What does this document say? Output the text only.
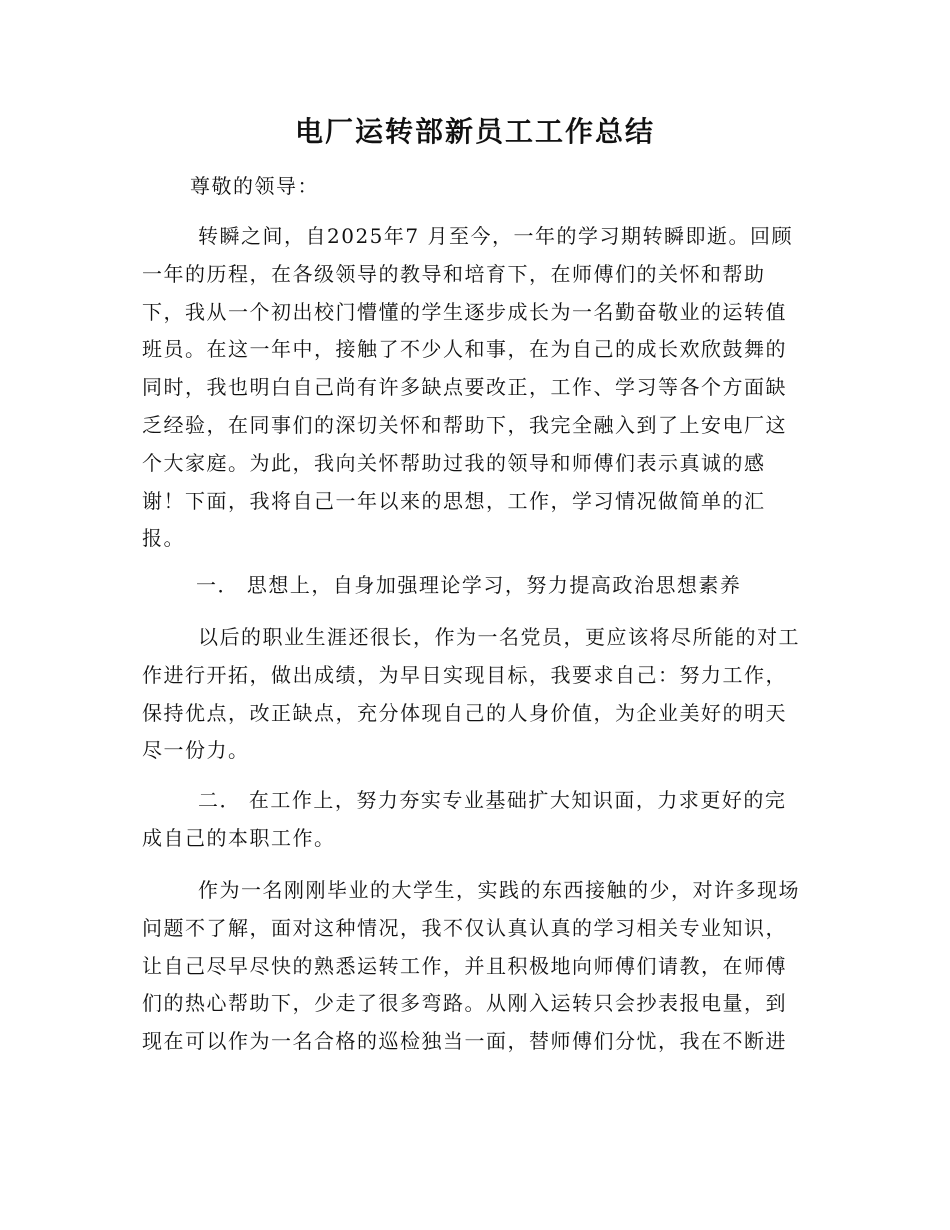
电厂运转部新员工工作总结

尊敬的领导：

转瞬之间，自2025年7 月至今，一年的学习期转瞬即逝。回顾
一年的历程，在各级领导的教导和培育下，在师傅们的关怀和帮助
下，我从一个初出校门懵懂的学生逐步成长为一名勤奋敬业的运转值
班员。在这一年中，接触了不少人和事，在为自己的成长欢欣鼓舞的
同时，我也明白自己尚有许多缺点要改正，工作、学习等各个方面缺
乏经验，在同事们的深切关怀和帮助下，我完全融入到了上安电厂这
个大家庭。为此，我向关怀帮助过我的领导和师傅们表示真诚的感
谢！下面，我将自己一年以来的思想，工作，学习情况做简单的汇
报。

一． 思想上，自身加强理论学习，努力提高政治思想素养

以后的职业生涯还很长，作为一名党员，更应该将尽所能的对工
作进行开拓，做出成绩，为早日实现目标，我要求自己：努力工作，
保持优点，改正缺点，充分体现自己的人身价值，为企业美好的明天
尽一份力。

二． 在工作上，努力夯实专业基础扩大知识面，力求更好的完
成自己的本职工作。

作为一名刚刚毕业的大学生，实践的东西接触的少，对许多现场
问题不了解，面对这种情况，我不仅认真认真的学习相关专业知识，
让自己尽早尽快的熟悉运转工作，并且积极地向师傅们请教，在师傅
们的热心帮助下，少走了很多弯路。从刚入运转只会抄表报电量，到
现在可以作为一名合格的巡检独当一面，替师傅们分忧，我在不断进
